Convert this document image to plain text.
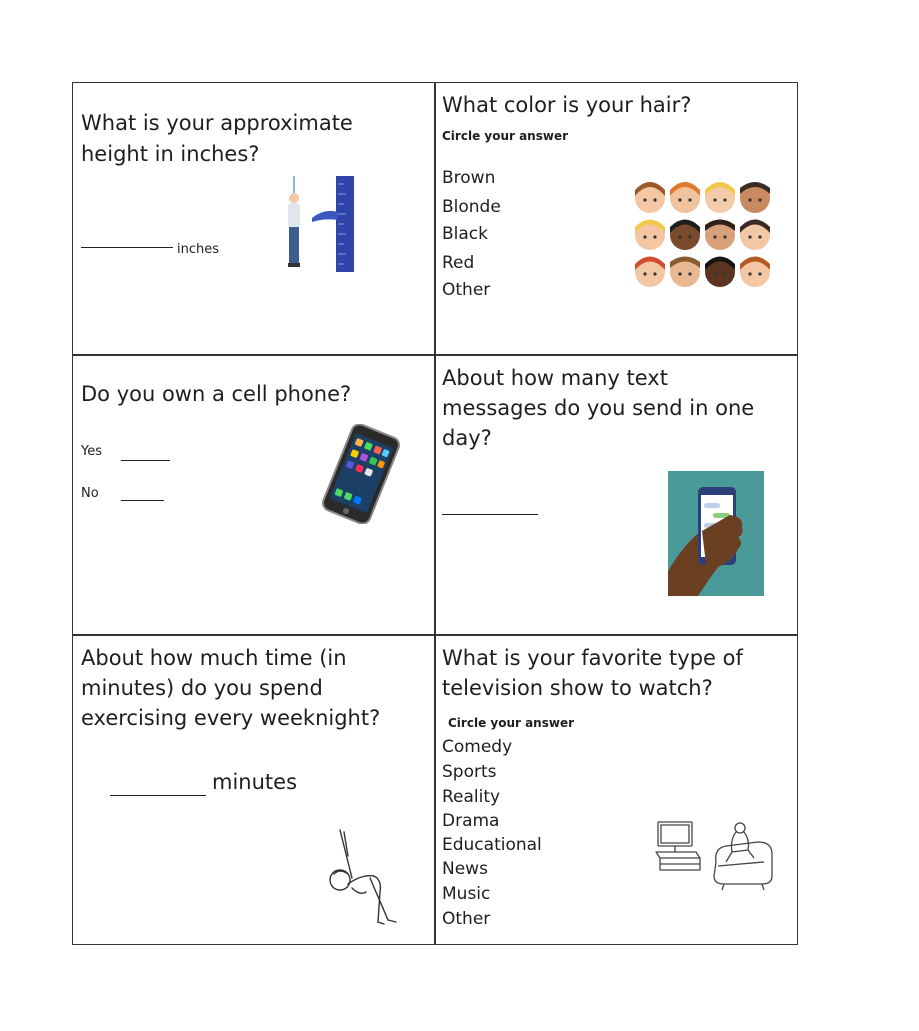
What is your approximate
height in inches?
inches
What color is your hair?
Circle your answer
Brown
Blonde
Black
Red
Other
Do you own a cell phone?
Yes
No
About how many text
messages do you send in one
day?
About how much time (in
minutes) do you spend
exercising every weeknight?
minutes
What is your favorite type of
television show to watch?
Circle your answer
Comedy
Sports
Reality
Drama
Educational
News
Music
Other
